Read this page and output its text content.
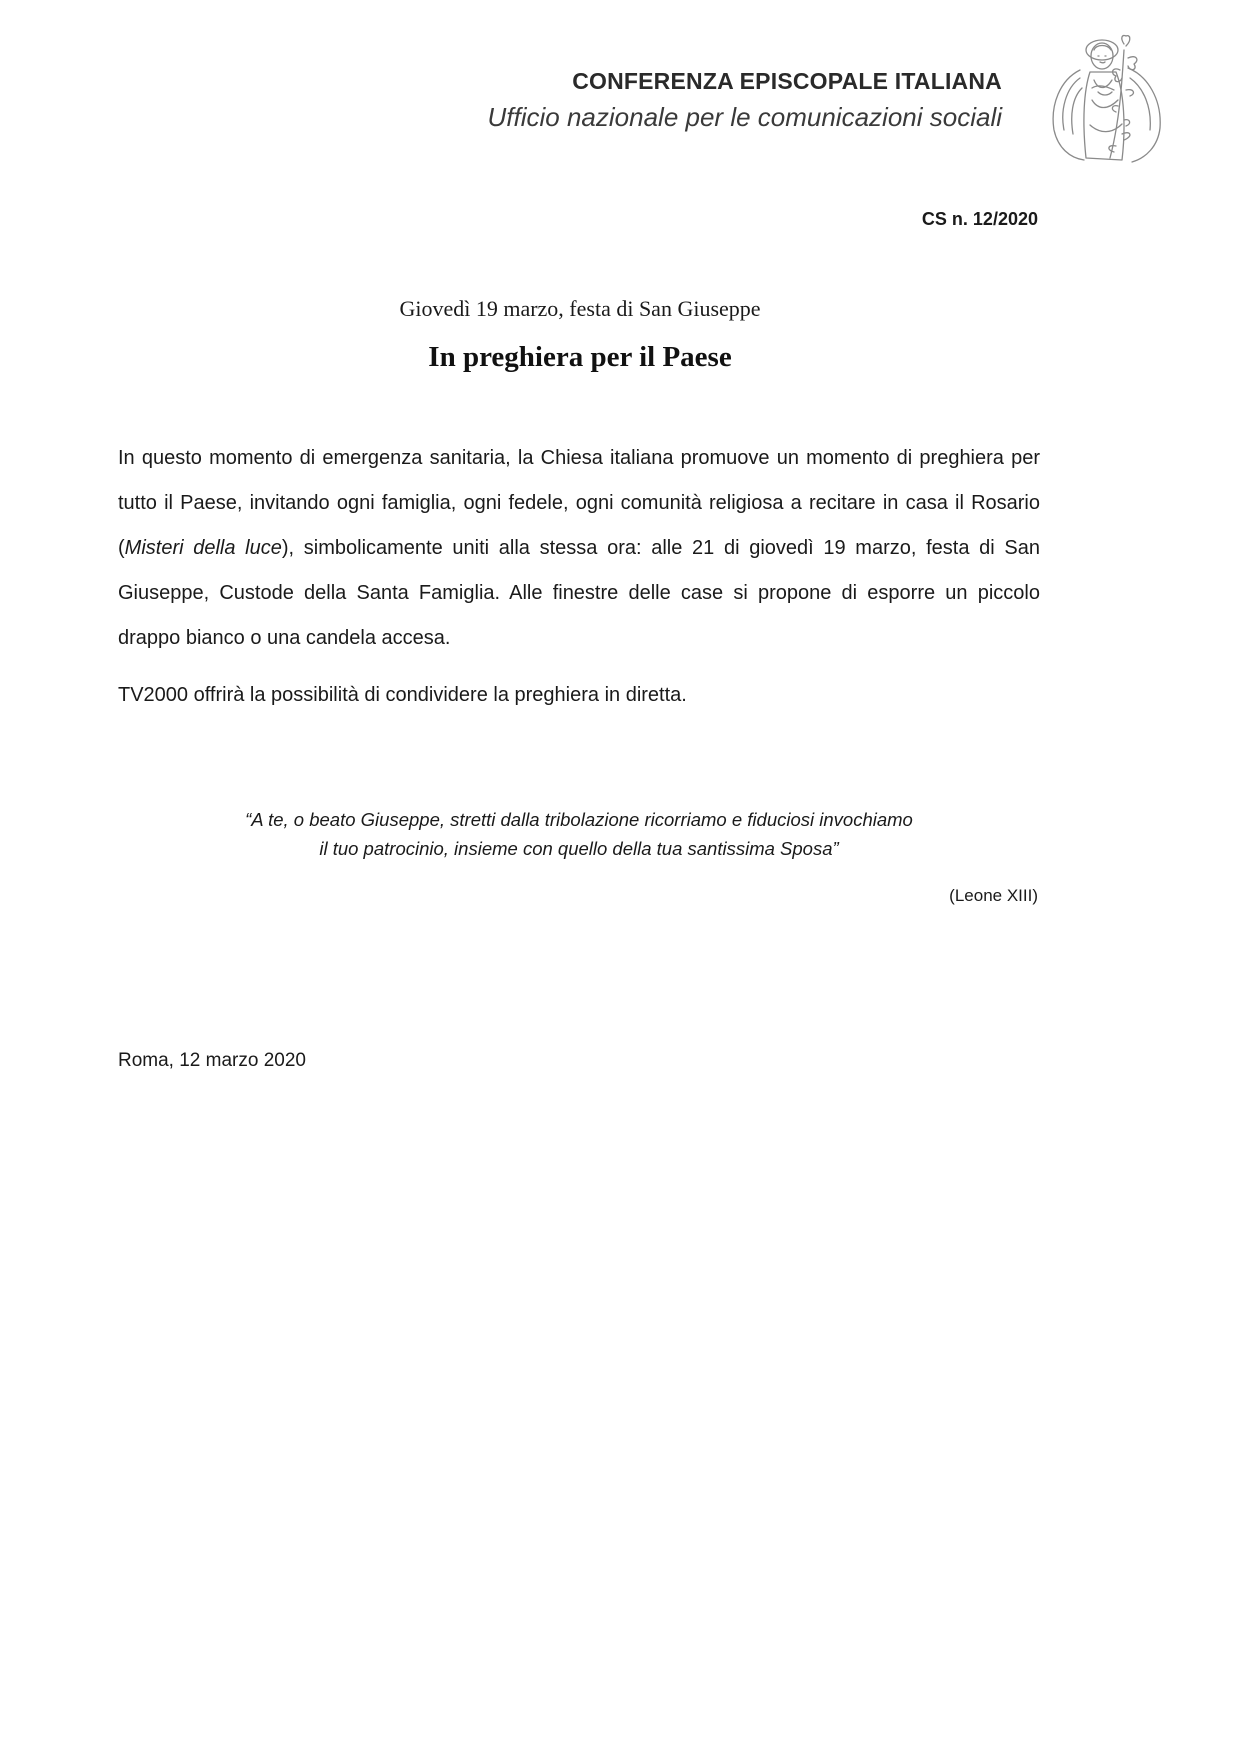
CONFERENZA EPISCOPALE ITALIANA
Ufficio nazionale per le comunicazioni sociali
CS n. 12/2020
Giovedì 19 marzo, festa di San Giuseppe
In preghiera per il Paese

In questo momento di emergenza sanitaria, la Chiesa italiana promuove un momento di preghiera per tutto il Paese, invitando ogni famiglia, ogni fedele, ogni comunità religiosa a recitare in casa il Rosario (Misteri della luce), simbolicamente uniti alla stessa ora: alle 21 di giovedì 19 marzo, festa di San Giuseppe, Custode della Santa Famiglia. Alle finestre delle case si propone di esporre un piccolo drappo bianco o una candela accesa.

TV2000 offrirà la possibilità di condividere la preghiera in diretta.

“A te, o beato Giuseppe, stretti dalla tribolazione ricorriamo e fiduciosi invochiamo
il tuo patrocinio, insieme con quello della tua santissima Sposa”
(Leone XIII)
Roma, 12 marzo 2020
